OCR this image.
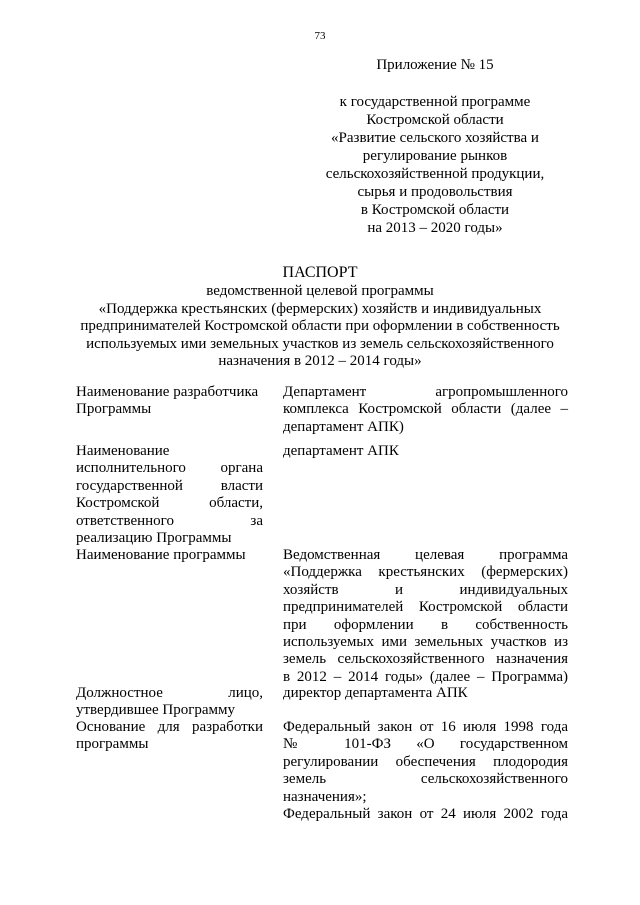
73
Приложение № 15
к государственной программе
Костромской области
«Развитие сельского хозяйства и
регулирование рынков
сельскохозяйственной продукции,
сырья и продовольствия
в Костромской области
на 2013 – 2020 годы»
ПАСПОРТ
ведомственной целевой программы
«Поддержка крестьянских (фермерских) хозяйств и индивидуальных
предпринимателей Костромской области при оформлении в собственность
используемых ими земельных участков из земель сельскохозяйственного
назначения в 2012 – 2014 годы»
Наименование разработчика
Программы
Департамент агропромышленного
комплекса Костромской области (далее –
департамент АПК)
Наименование
исполнительного органа
государственной власти
Костромской области,
ответственного за
реализацию Программы
департамент АПК
Наименование программы	Ведомственная целевая программа
«Поддержка крестьянских (фермерских)
хозяйств и индивидуальных
предпринимателей Костромской области
при оформлении в собственность
используемых ими земельных участков из
земель сельскохозяйственного назначения
в 2012 – 2014 годы» (далее – Программа)
Должностное лицо,
утвердившее Программу
директор департамента АПК
Основание для разработки
программы
Федеральный закон от 16 июля 1998 года
№ 101-ФЗ «О государственном
регулировании обеспечения плодородия
земель сельскохозяйственного
назначения»;
Федеральный закон от 24 июля 2002 года
